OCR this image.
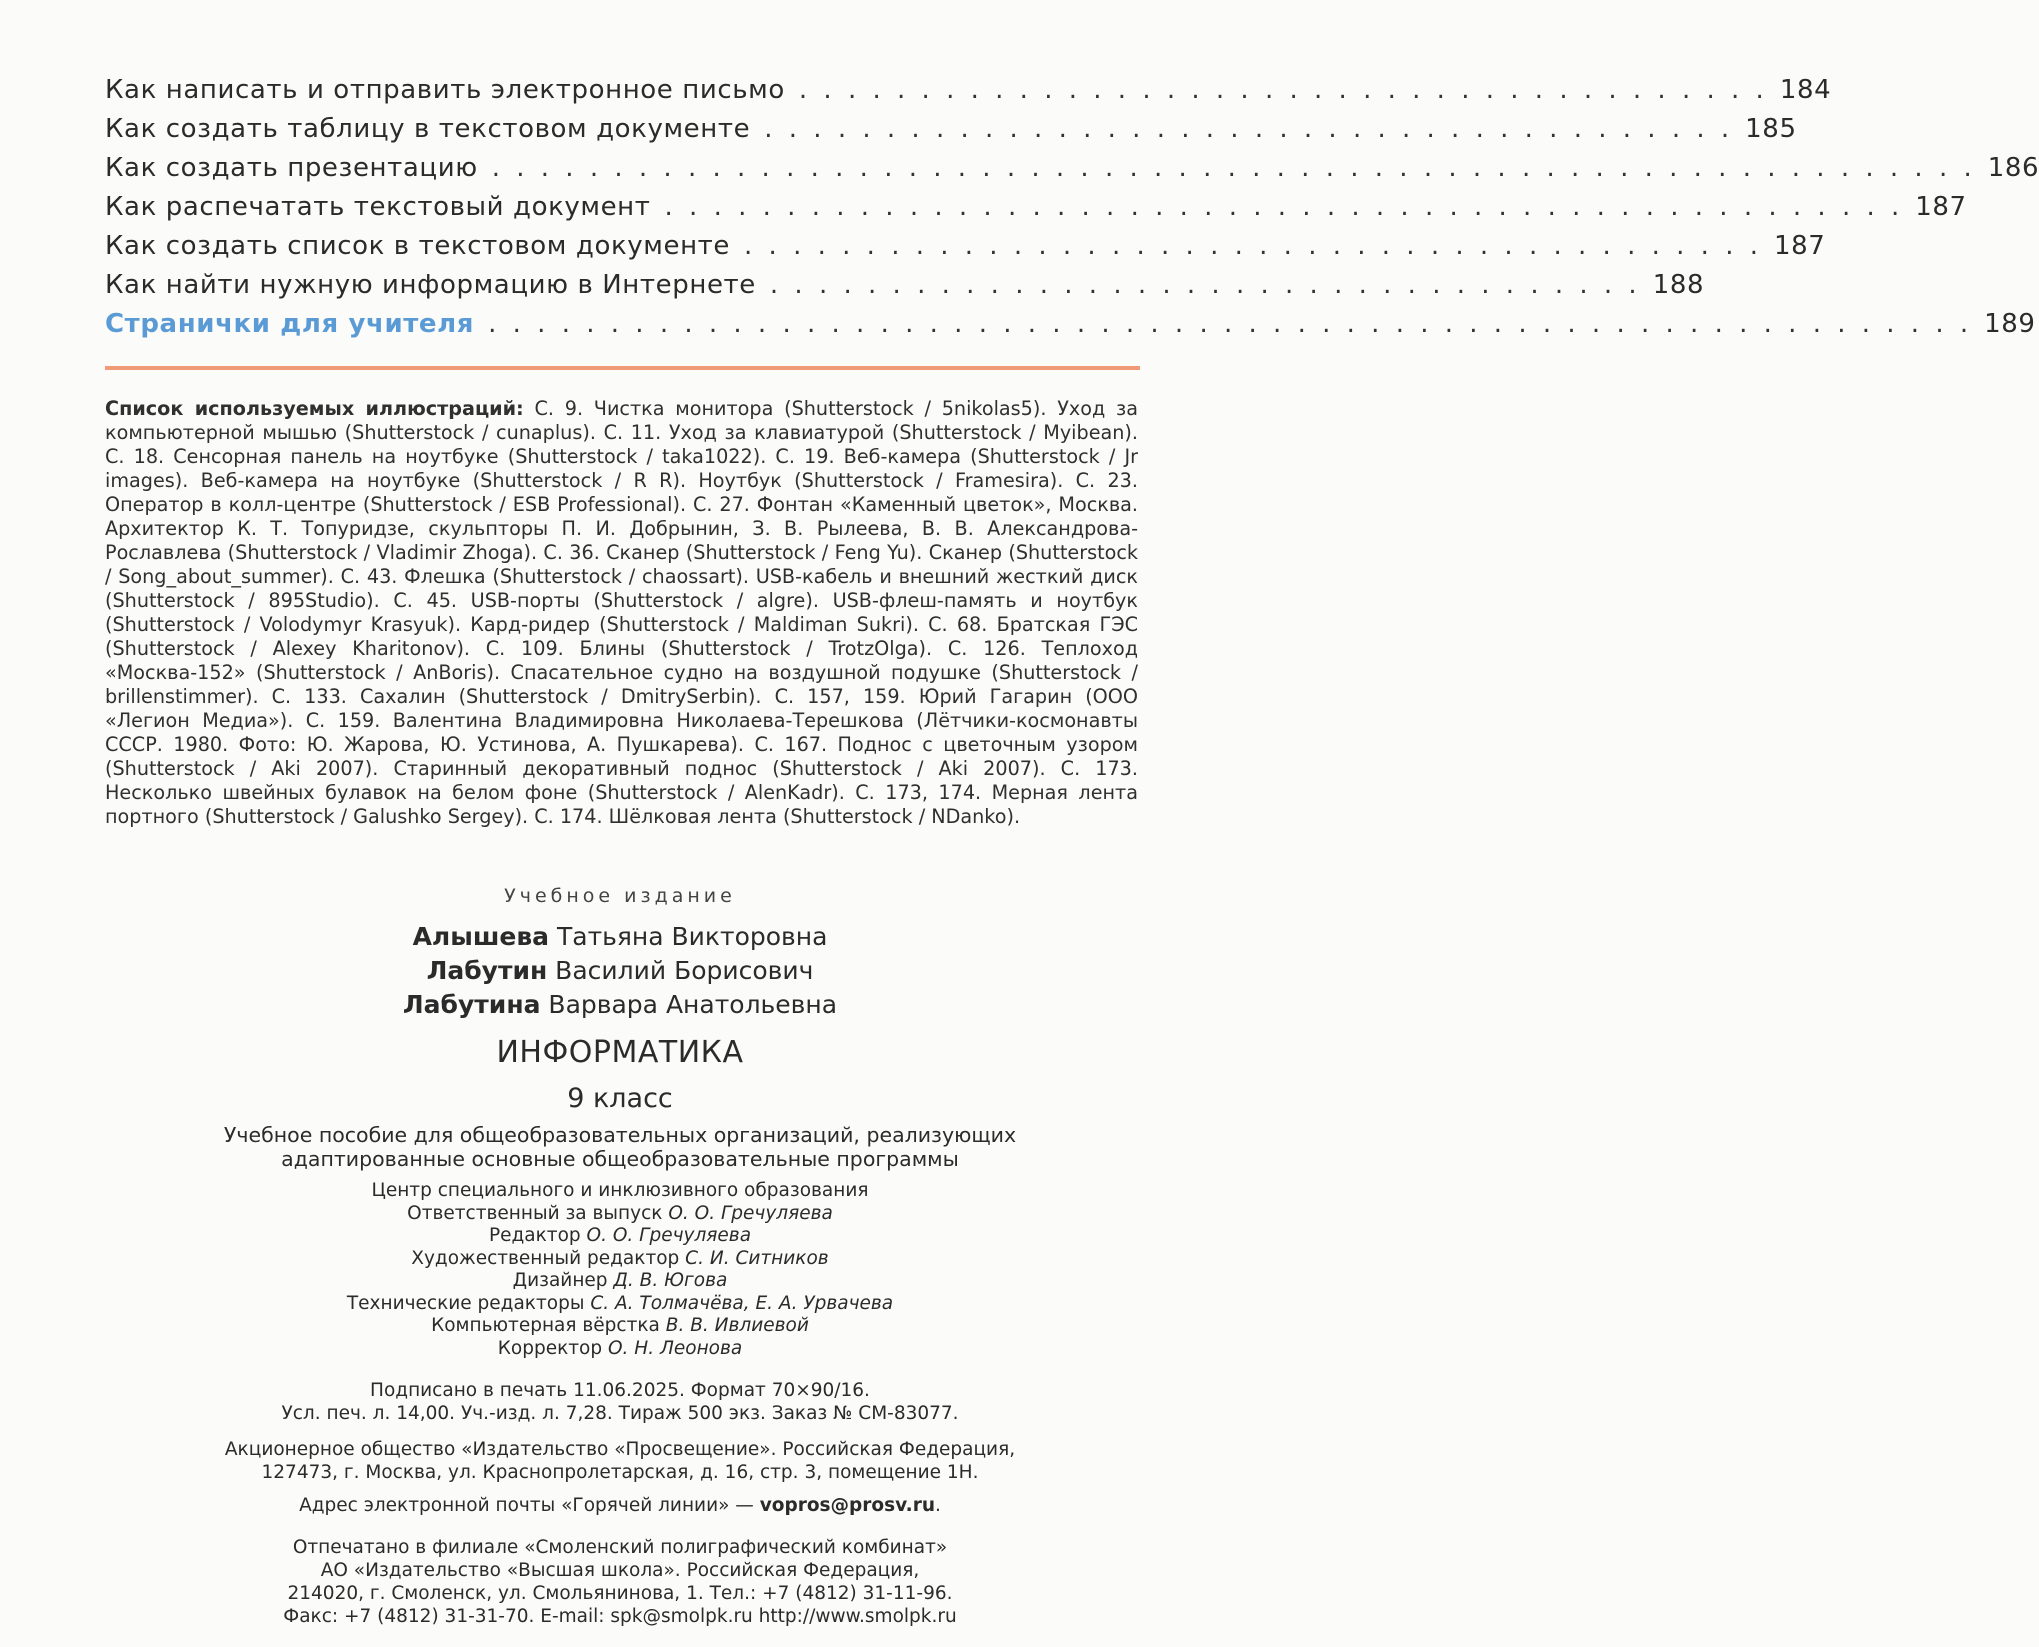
Как написать и отправить электронное письмо . . . . . . . . . . . . . . . . . . . . . . . . . . . . . . . . . . . . . . . . 184
Как создать таблицу в текстовом документе . . . . . . . . . . . . . . . . . . . . . . . . . . . . . . . . . . . . . . . . 185
Как создать презентацию . . . . . . . . . . . . . . . . . . . . . . . . . . . . . . . . . . . . . . . . . . . . . . . . . . . . . . . . . . . . . 186
Как распечатать текстовый документ . . . . . . . . . . . . . . . . . . . . . . . . . . . . . . . . . . . . . . . . . . . . . . . . . . . 187
Как создать список в текстовом документе . . . . . . . . . . . . . . . . . . . . . . . . . . . . . . . . . . . . . . . . . . 187
Как найти нужную информацию в Интернете . . . . . . . . . . . . . . . . . . . . . . . . . . . . . . . . . . . . 188
Странички для учителя . . . . . . . . . . . . . . . . . . . . . . . . . . . . . . . . . . . . . . . . . . . . . . . . . . . . . . . . . . . . . 189
Список используемых иллюстраций: С. 9. Чистка монитора (Shutterstock / 5nikolas5). Уход за компьютерной мышью (Shutterstock / cunaplus). С. 11. Уход за клавиатурой (Shutterstock / Myibean). С. 18. Сенсорная панель на ноутбуке (Shutterstock / taka1022). С. 19. Веб-камера (Shutterstock / Jr images). Веб-камера на ноутбуке (Shutterstock / R R). Ноутбук (Shutterstock / Framesira). С. 23. Оператор в колл-центре (Shutterstock / ESB Professional). С. 27. Фонтан «Каменный цветок», Москва. Архитектор К. Т. Топуридзе, скульпторы П. И. Добрынин, З. В. Рылеева, В. В. Александрова-Рославлева (Shutterstock / Vladimir Zhoga). С. 36. Сканер (Shutterstock / Feng Yu). Сканер (Shutterstock / Song_about_summer). С. 43. Флешка (Shutterstock / chaossart). USB-кабель и внешний жесткий диск (Shutterstock / 895Studio). С. 45. USB-порты (Shutterstock / algre). USB-флеш-память и ноутбук (Shutterstock / Volodymyr Krasyuk). Кард-ридер (Shutterstock / Maldiman Sukri). С. 68. Братская ГЭС (Shutterstock / Alexey Kharitonov). С. 109. Блины (Shutterstock / TrotzOlga). С. 126. Теплоход «Москва-152» (Shutterstock / AnBoris). Спасательное судно на воздушной подушке (Shutterstock / brillenstimmer). С. 133. Сахалин (Shutterstock / DmitrySerbin). С. 157, 159. Юрий Гагарин (ООО «Легион Медиа»). С. 159. Валентина Владимировна Николаева-Терешкова (Лётчики-космонавты СССР. 1980. Фото: Ю. Жарова, Ю. Устинова, А. Пушкарева). С. 167. Поднос с цветочным узором (Shutterstock / Aki 2007). Старинный декоративный поднос (Shutterstock / Aki 2007). С. 173. Несколько швейных булавок на белом фоне (Shutterstock / AlenKadr). С. 173, 174. Мерная лента портного (Shutterstock / Galushko Sergey). С. 174. Шёлковая лента (Shutterstock / NDanko).
Учебное издание
Алышева Татьяна Викторовна
Лабутин Василий Борисович
Лабутина Варвара Анатольевна
ИНФОРМАТИКА
9 класс
Учебное пособие для общеобразовательных организаций, реализующих
адаптированные основные общеобразовательные программы
Центр специального и инклюзивного образования
Ответственный за выпуск О. О. Гречуляева
Редактор О. О. Гречуляева
Художественный редактор С. И. Ситников
Дизайнер Д. В. Югова
Технические редакторы С. А. Толмачёва, Е. А. Урвачева
Компьютерная вёрстка В. В. Ивлиевой
Корректор О. Н. Леонова
Подписано в печать 11.06.2025. Формат 70×90/16.
Усл. печ. л. 14,00. Уч.-изд. л. 7,28. Тираж 500 экз. Заказ № СМ-83077.
Акционерное общество «Издательство «Просвещение». Российская Федерация,
127473, г. Москва, ул. Краснопролетарская, д. 16, стр. 3, помещение 1Н.
Адрес электронной почты «Горячей линии» — vopros@prosv.ru.
Отпечатано в филиале «Смоленский полиграфический комбинат»
АО «Издательство «Высшая школа». Российская Федерация,
214020, г. Смоленск, ул. Смольянинова, 1. Тел.: +7 (4812) 31-11-96.
Факс: +7 (4812) 31-31-70. E-mail: spk@smolpk.ru http://www.smolpk.ru
